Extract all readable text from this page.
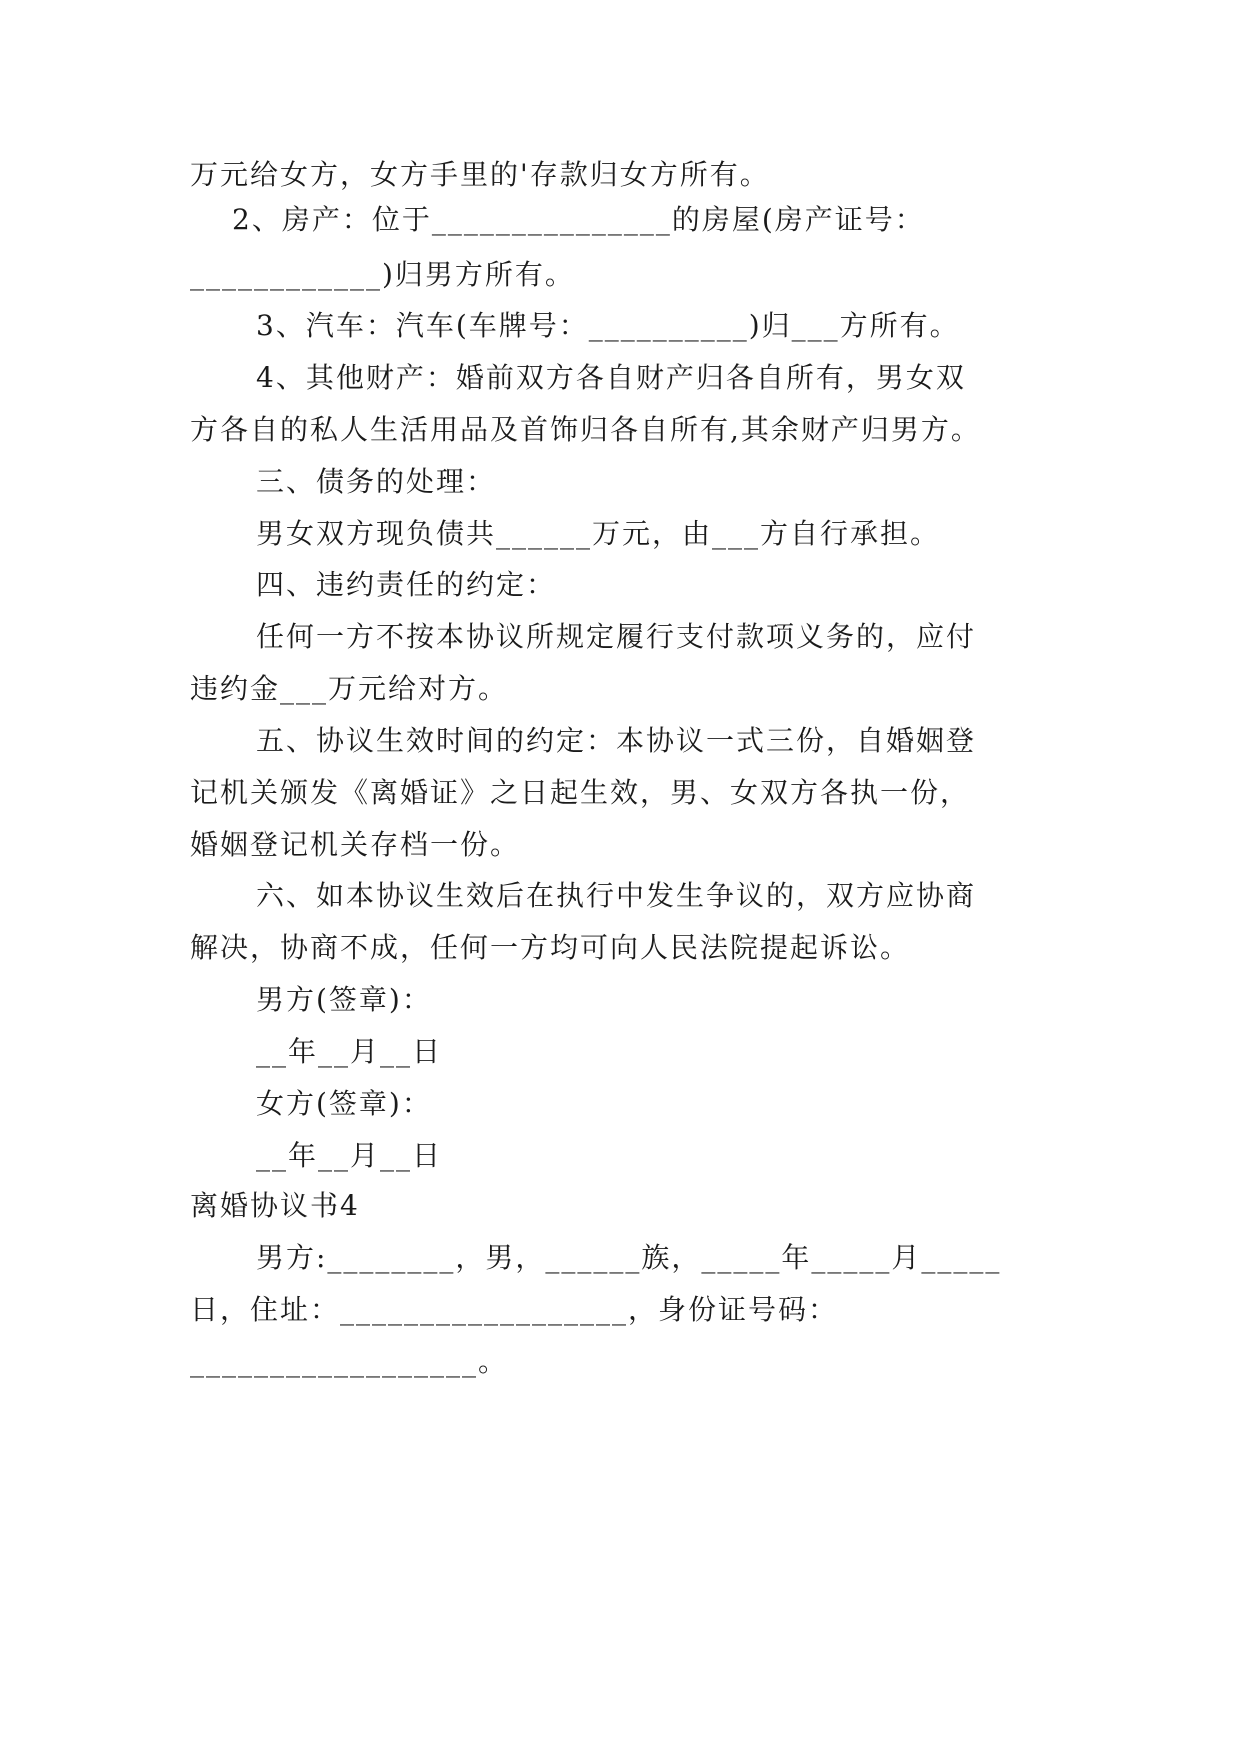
万元给女方，女方手里的'存款归女方所有。
2、房产：位于_______________的房屋(房产证号：
____________)归男方所有。
3、汽车：汽车(车牌号：__________)归___方所有。
4、其他财产：婚前双方各自财产归各自所有，男女双
方各自的私人生活用品及首饰归各自所有,其余财产归男方。
三、债务的处理：
男女双方现负债共______万元，由___方自行承担。
四、违约责任的约定：
任何一方不按本协议所规定履行支付款项义务的，应付
违约金___万元给对方。
五、协议生效时间的约定：本协议一式三份，自婚姻登
记机关颁发《离婚证》之日起生效，男、女双方各执一份，
婚姻登记机关存档一份。
六、如本协议生效后在执行中发生争议的，双方应协商
解决，协商不成，任何一方均可向人民法院提起诉讼。
男方(签章)：
__年__月__日
女方(签章)：
__年__月__日
离婚协议书4
男方:________，男，______族，_____年_____月_____
日，住址：__________________，身份证号码：
__________________。
